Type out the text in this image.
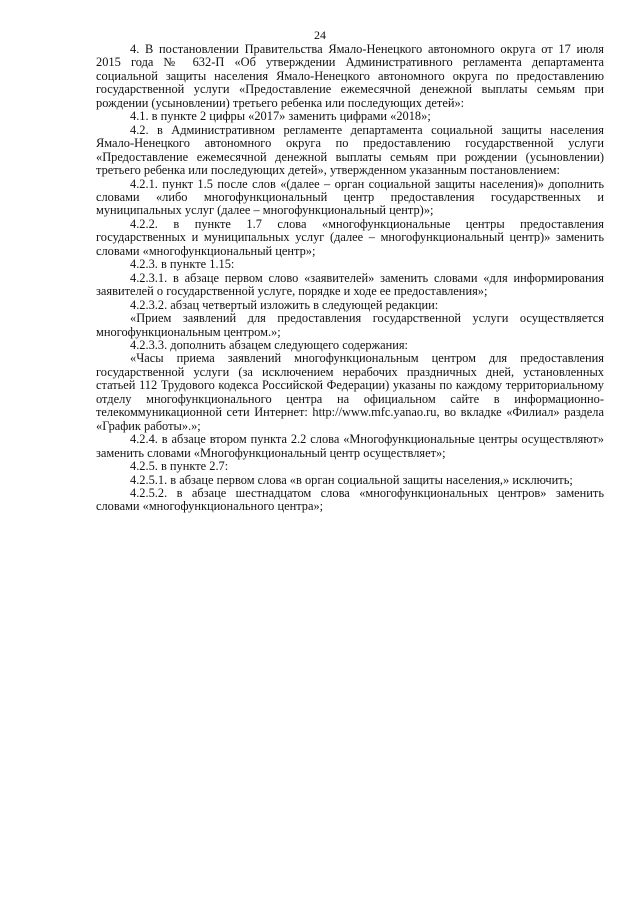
24

4. В постановлении Правительства Ямало-Ненецкого автономного округа от 17 июля 2015 года № 632-П «Об утверждении Административного регламента департамента социальной защиты населения Ямало-Ненецкого автономного округа по предоставлению государственной услуги «Предоставление ежемесячной денежной выплаты семьям при рождении (усыновлении) третьего ребенка или последующих детей»:

4.1. в пункте 2 цифры «2017» заменить цифрами «2018»;

4.2. в Административном регламенте департамента социальной защиты населения Ямало-Ненецкого автономного округа по предоставлению государственной услуги «Предоставление ежемесячной денежной выплаты семьям при рождении (усыновлении) третьего ребенка или последующих детей», утвержденном указанным постановлением:

4.2.1. пункт 1.5 после слов «(далее – орган социальной защиты населения)» дополнить словами «либо многофункциональный центр предоставления государственных и муниципальных услуг (далее – многофункциональный центр)»;

4.2.2. в пункте 1.7 слова «многофункциональные центры предоставления государственных и муниципальных услуг (далее – многофункциональный центр)» заменить словами «многофункциональный центр»;

4.2.3. в пункте 1.15:

4.2.3.1. в абзаце первом слово «заявителей» заменить словами «для информирования заявителей о государственной услуге, порядке и ходе ее предоставления»;

4.2.3.2. абзац четвертый изложить в следующей редакции:

«Прием заявлений для предоставления государственной услуги осуществляется многофункциональным центром.»;

4.2.3.3. дополнить абзацем следующего содержания:

«Часы приема заявлений многофункциональным центром для предоставления государственной услуги (за исключением нерабочих праздничных дней, установленных статьей 112 Трудового кодекса Российской Федерации) указаны по каждому территориальному отделу многофункционального центра на официальном сайте в информационно-телекоммуникационной сети Интернет: http://www.mfc.yanao.ru, во вкладке «Филиал» раздела «График работы».»;

4.2.4. в абзаце втором пункта 2.2 слова «Многофункциональные центры осуществляют» заменить словами «Многофункциональный центр осуществляет»;

4.2.5. в пункте 2.7:

4.2.5.1. в абзаце первом слова «в орган социальной защиты населения,» исключить;

4.2.5.2. в абзаце шестнадцатом слова «многофункциональных центров» заменить словами «многофункционального центра»;
